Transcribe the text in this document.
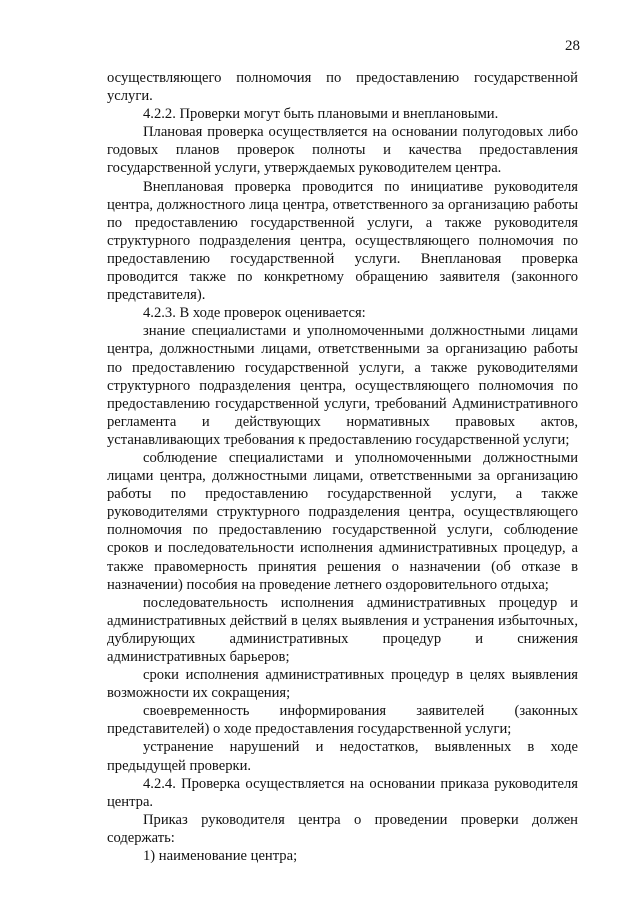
28

осуществляющего полномочия по предоставлению государственной услуги.

4.2.2. Проверки могут быть плановыми и внеплановыми.

Плановая проверка осуществляется на основании полугодовых либо годовых планов проверок полноты и качества предоставления государственной услуги, утверждаемых руководителем центра.

Внеплановая проверка проводится по инициативе руководителя центра, должностного лица центра, ответственного за организацию работы по предоставлению государственной услуги, а также руководителя структурного подразделения центра, осуществляющего полномочия по предоставлению государственной услуги. Внеплановая проверка проводится также по конкретному обращению заявителя (законного представителя).

4.2.3. В ходе проверок оценивается:

знание специалистами и уполномоченными должностными лицами центра, должностными лицами, ответственными за организацию работы по предоставлению государственной услуги, а также руководителями структурного подразделения центра, осуществляющего полномочия по предоставлению государственной услуги, требований Административного регламента и действующих нормативных правовых актов, устанавливающих требования к предоставлению государственной услуги;

соблюдение специалистами и уполномоченными должностными лицами центра, должностными лицами, ответственными за организацию работы по предоставлению государственной услуги, а также руководителями структурного подразделения центра, осуществляющего полномочия по предоставлению государственной услуги, соблюдение сроков и последовательности исполнения административных процедур, а также правомерность принятия решения о назначении (об отказе в назначении) пособия на проведение летнего оздоровительного отдыха;

последовательность исполнения административных процедур и административных действий в целях выявления и устранения избыточных, дублирующих административных процедур и снижения административных барьеров;

сроки исполнения административных процедур в целях выявления возможности их сокращения;

своевременность информирования заявителей (законных представителей) о ходе предоставления государственной услуги;

устранение нарушений и недостатков, выявленных в ходе предыдущей проверки.

4.2.4. Проверка осуществляется на основании приказа руководителя центра.

Приказ руководителя центра о проведении проверки должен содержать:

1) наименование центра;
